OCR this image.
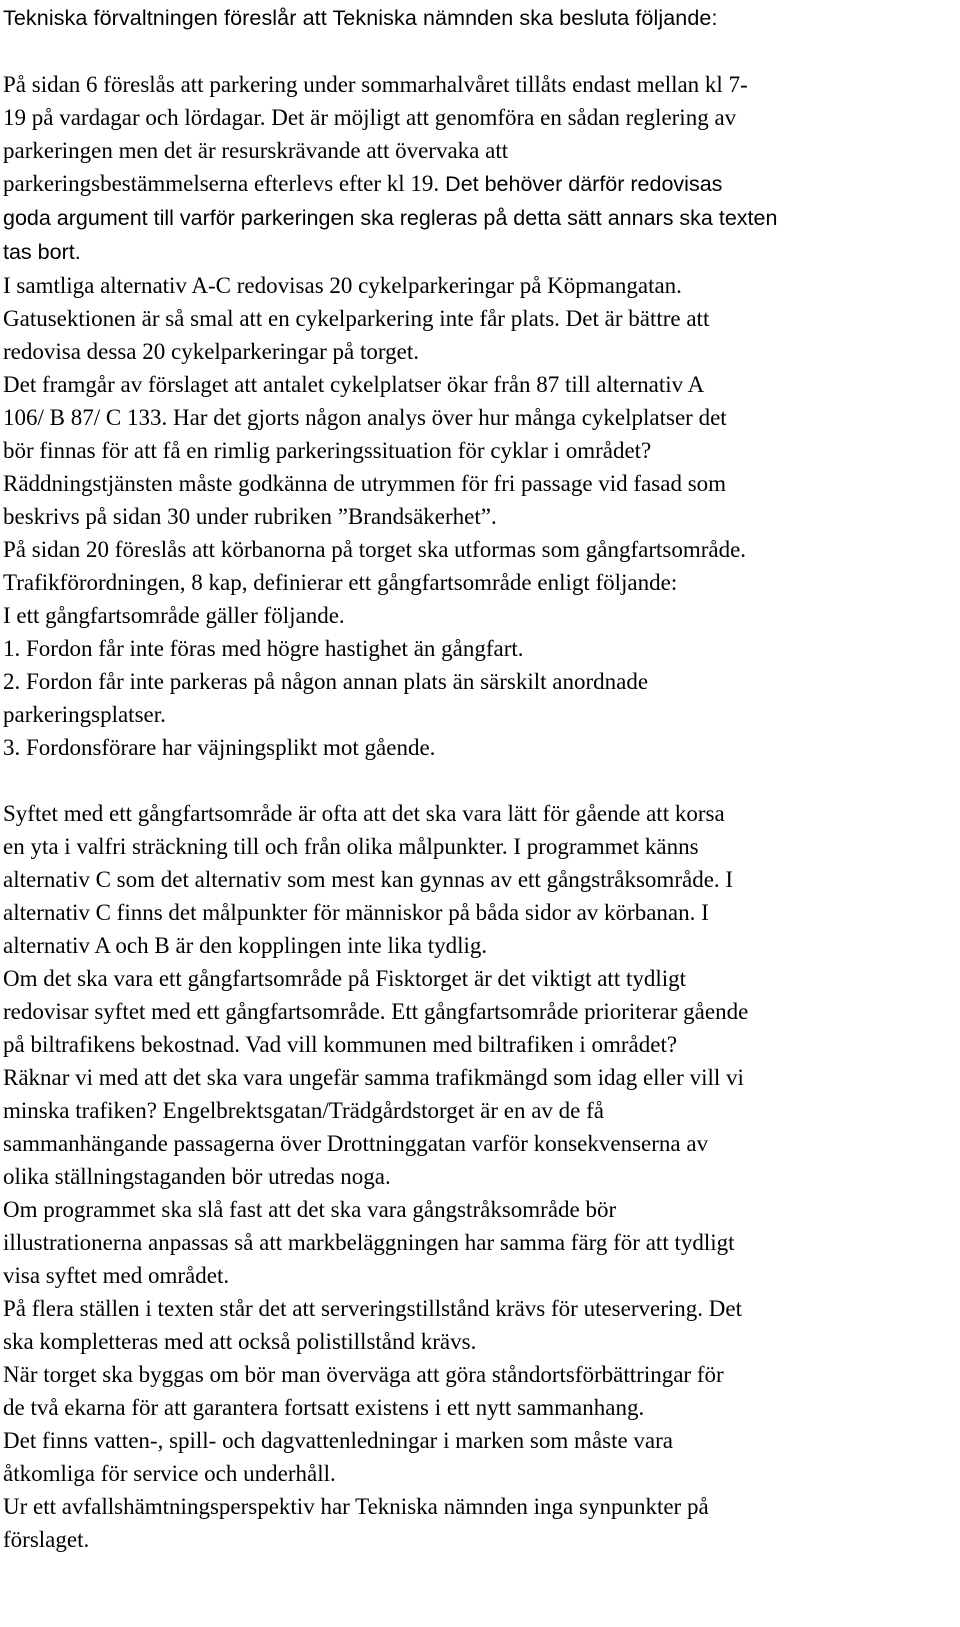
Tekniska förvaltningen föreslår att Tekniska nämnden ska besluta följande:

På sidan 6 föreslås att parkering under sommarhalvåret tillåts endast mellan kl 7-
19 på vardagar och lördagar. Det är möjligt att genomföra en sådan reglering av
parkeringen men det är resurskrävande att övervaka att
parkeringsbestämmelserna efterlevs efter kl 19. Det behöver därför redovisas
goda argument till varför parkeringen ska regleras på detta sätt annars ska texten
tas bort.

I samtliga alternativ A-C redovisas 20 cykelparkeringar på Köpmangatan.
Gatusektionen är så smal att en cykelparkering inte får plats. Det är bättre att
redovisa dessa 20 cykelparkeringar på torget.
Det framgår av förslaget att antalet cykelplatser ökar från 87 till alternativ A
106/ B 87/ C 133. Har det gjorts någon analys över hur många cykelplatser det
bör finnas för att få en rimlig parkeringssituation för cyklar i området?
Räddningstjänsten måste godkänna de utrymmen för fri passage vid fasad som
beskrivs på sidan 30 under rubriken ”Brandsäkerhet”.
På sidan 20 föreslås att körbanorna på torget ska utformas som gångfartsområde.
Trafikförordningen, 8 kap, definierar ett gångfartsområde enligt följande:
I ett gångfartsområde gäller följande.
1. Fordon får inte föras med högre hastighet än gångfart.
2. Fordon får inte parkeras på någon annan plats än särskilt anordnade
parkeringsplatser.
3. Fordonsförare har väjningsplikt mot gående.

Syftet med ett gångfartsområde är ofta att det ska vara lätt för gående att korsa
en yta i valfri sträckning till och från olika målpunkter. I programmet känns
alternativ C som det alternativ som mest kan gynnas av ett gångstråksområde. I
alternativ C finns det målpunkter för människor på båda sidor av körbanan. I
alternativ A och B är den kopplingen inte lika tydlig.
Om det ska vara ett gångfartsområde på Fisktorget är det viktigt att tydligt
redovisar syftet med ett gångfartsområde. Ett gångfartsområde prioriterar gående
på biltrafikens bekostnad. Vad vill kommunen med biltrafiken i området?
Räknar vi med att det ska vara ungefär samma trafikmängd som idag eller vill vi
minska trafiken? Engelbrektsgatan/Trädgårdstorget är en av de få
sammanhängande passagerna över Drottninggatan varför konsekvenserna av
olika ställningstaganden bör utredas noga.
Om programmet ska slå fast att det ska vara gångstråksområde bör
illustrationerna anpassas så att markbeläggningen har samma färg för att tydligt
visa syftet med området.
På flera ställen i texten står det att serveringstillstånd krävs för uteservering. Det
ska kompletteras med att också polistillstånd krävs.
När torget ska byggas om bör man överväga att göra ståndortsförbättringar för
de två ekarna för att garantera fortsatt existens i ett nytt sammanhang.
Det finns vatten-, spill- och dagvattenledningar i marken som måste vara
åtkomliga för service och underhåll.
Ur ett avfallshämtningsperspektiv har Tekniska nämnden inga synpunkter på
förslaget.
